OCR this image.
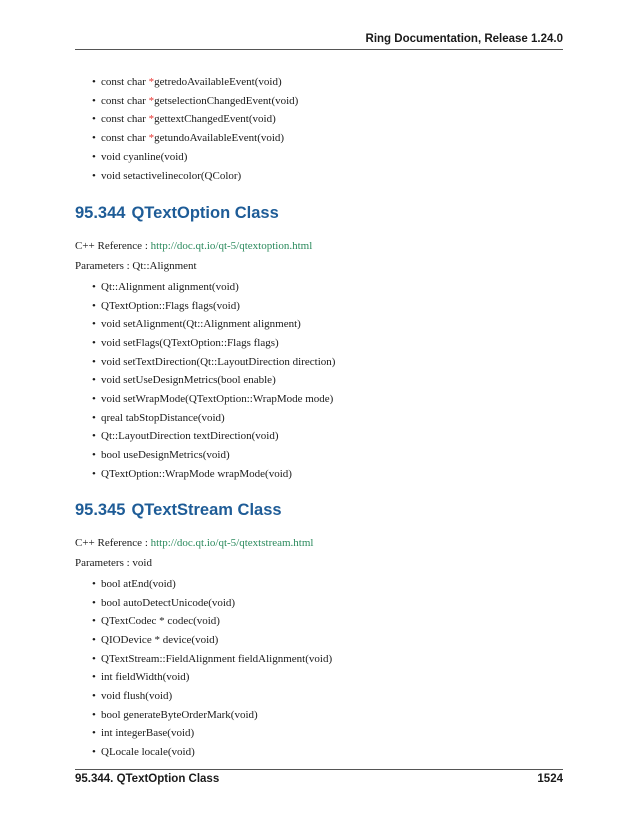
Ring Documentation, Release 1.24.0
• const char *getredoAvailableEvent(void)
• const char *getselectionChangedEvent(void)
• const char *gettextChangedEvent(void)
• const char *getundoAvailableEvent(void)
• void cyanline(void)
• void setactivelinecolor(QColor)
95.344 QTextOption Class
C++ Reference : http://doc.qt.io/qt-5/qtextoption.html
Parameters : Qt::Alignment
• Qt::Alignment alignment(void)
• QTextOption::Flags flags(void)
• void setAlignment(Qt::Alignment alignment)
• void setFlags(QTextOption::Flags flags)
• void setTextDirection(Qt::LayoutDirection direction)
• void setUseDesignMetrics(bool enable)
• void setWrapMode(QTextOption::WrapMode mode)
• qreal tabStopDistance(void)
• Qt::LayoutDirection textDirection(void)
• bool useDesignMetrics(void)
• QTextOption::WrapMode wrapMode(void)
95.345 QTextStream Class
C++ Reference : http://doc.qt.io/qt-5/qtextstream.html
Parameters : void
• bool atEnd(void)
• bool autoDetectUnicode(void)
• QTextCodec * codec(void)
• QIODevice * device(void)
• QTextStream::FieldAlignment fieldAlignment(void)
• int fieldWidth(void)
• void flush(void)
• bool generateByteOrderMark(void)
• int integerBase(void)
• QLocale locale(void)
95.344. QTextOption Class	1524
